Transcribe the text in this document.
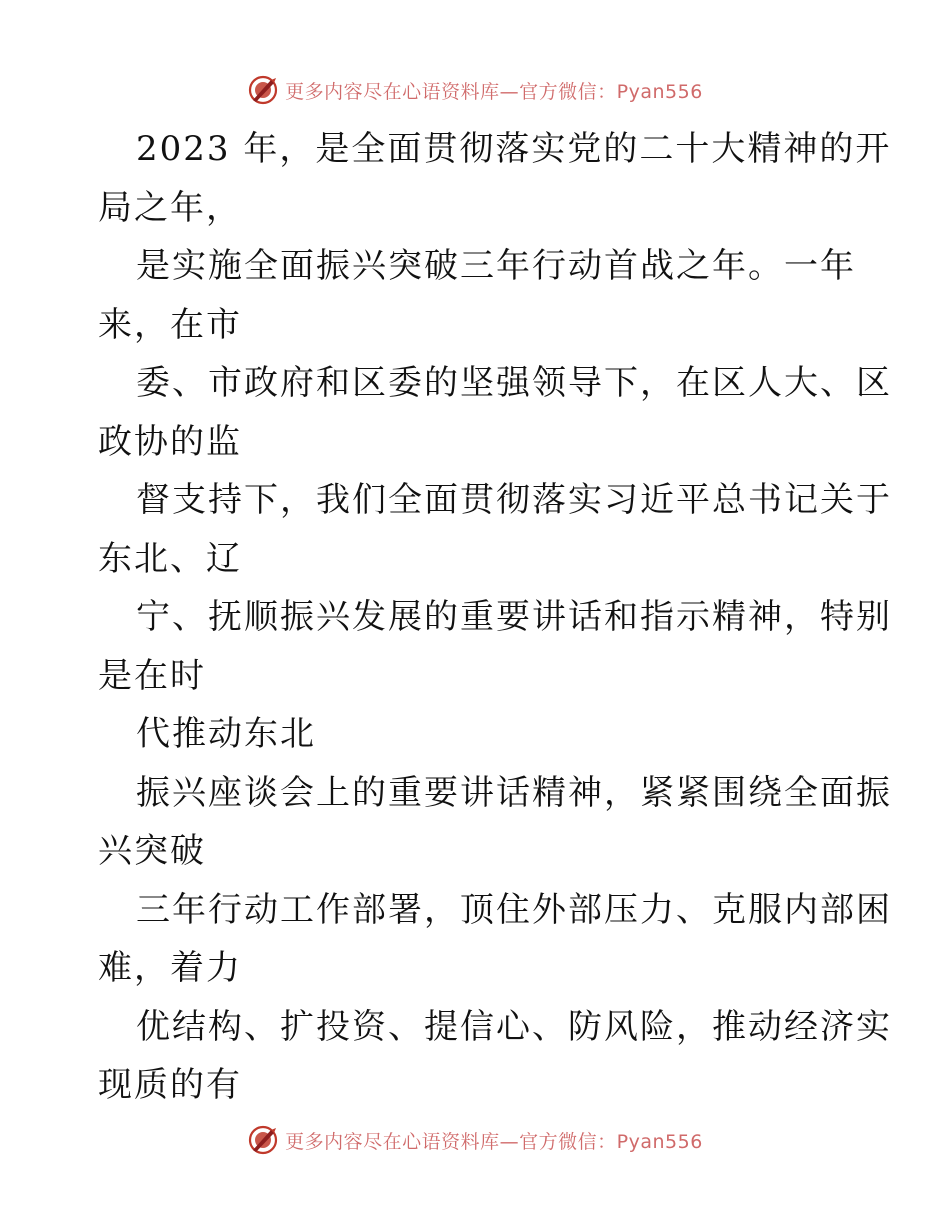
更多内容尽在心语资料库—官方微信：Pyan556
2023 年，是全面贯彻落实党的二十大精神的开
局之年，
是实施全面振兴突破三年行动首战之年。一年
来，在市
委、市政府和区委的坚强领导下，在区人大、区
政协的监
督支持下，我们全面贯彻落实习近平总书记关于
东北、辽
宁、抚顺振兴发展的重要讲话和指示精神，特别
是在时
代推动东北
振兴座谈会上的重要讲话精神，紧紧围绕全面振
兴突破
三年行动工作部署，顶住外部压力、克服内部困
难，着力
优结构、扩投资、提信心、防风险，推动经济实
现质的有
更多内容尽在心语资料库—官方微信：Pyan556
